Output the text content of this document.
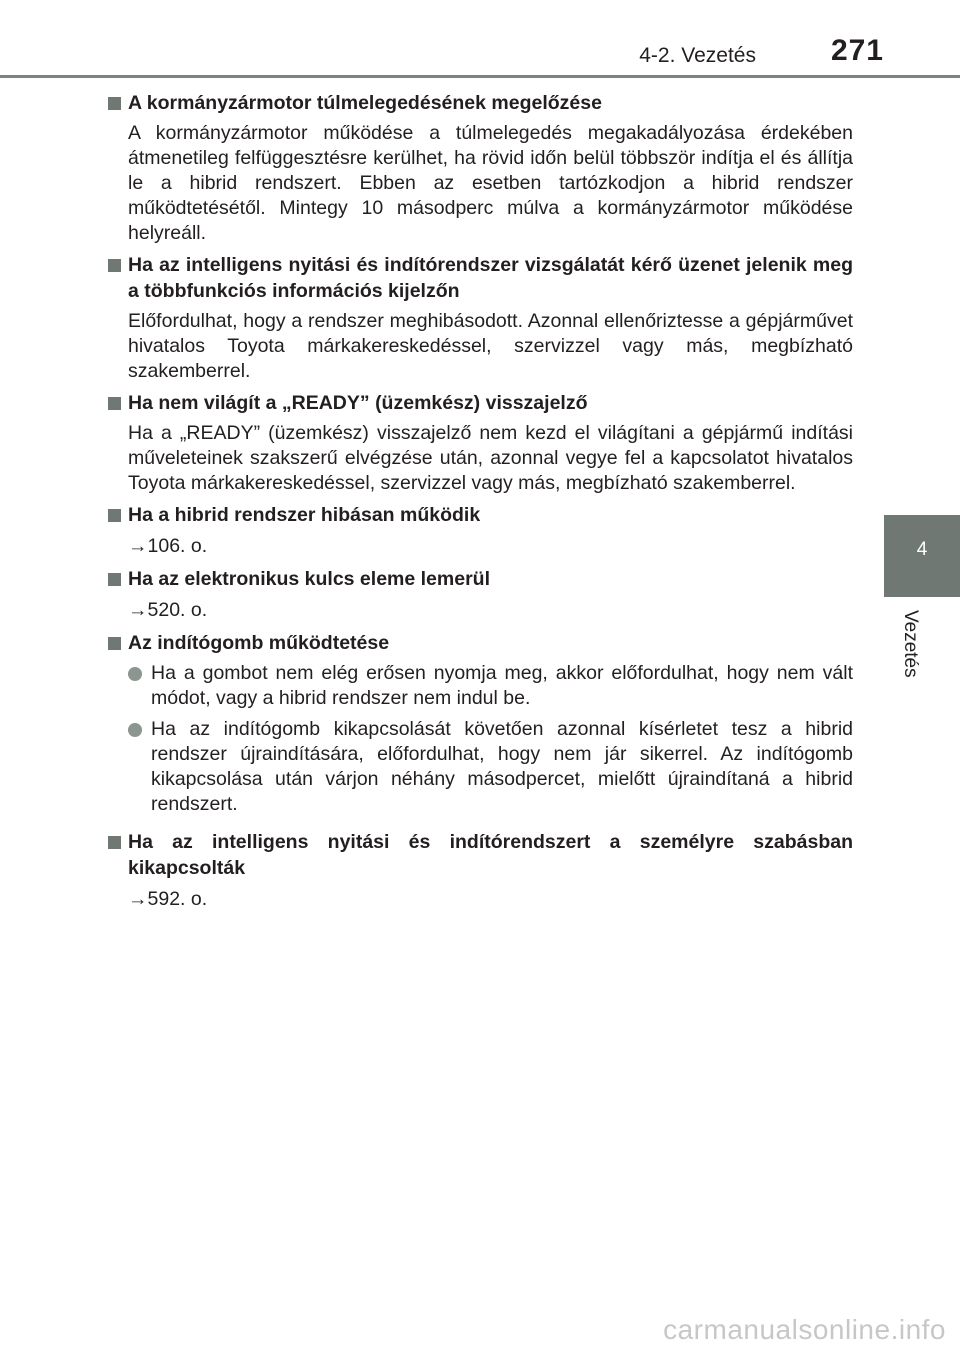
4-2. Vezetés 271
4
Vezetés

A kormányzármotor túlmelegedésének megelőzése

A kormányzármotor működése a túlmelegedés megakadályozása érdekében átmenetileg felfüggesztésre kerülhet, ha rövid időn belül többször indítja el és állítja le a hibrid rendszert. Ebben az esetben tartózkodjon a hibrid rendszer működtetésétől. Mintegy 10 másodperc múlva a kormányzármotor működése helyreáll.

Ha az intelligens nyitási és indítórendszer vizsgálatát kérő üzenet jelenik meg a többfunkciós információs kijelzőn

Előfordulhat, hogy a rendszer meghibásodott. Azonnal ellenőriztesse a gépjárművet hivatalos Toyota márkakereskedéssel, szervizzel vagy más, megbízható szakemberrel.

Ha nem világít a „READY” (üzemkész) visszajelző

Ha a „READY” (üzemkész) visszajelző nem kezd el világítani a gépjármű indítási műveleteinek szakszerű elvégzése után, azonnal vegye fel a kapcsolatot hivatalos Toyota márkakereskedéssel, szervizzel vagy más, megbízható szakemberrel.

Ha a hibrid rendszer hibásan működik

→106. o.

Ha az elektronikus kulcs eleme lemerül

→520. o.

Az indítógomb működtetése

Ha a gombot nem elég erősen nyomja meg, akkor előfordulhat, hogy nem vált módot, vagy a hibrid rendszer nem indul be.

Ha az indítógomb kikapcsolását követően azonnal kísérletet tesz a hibrid rendszer újraindítására, előfordulhat, hogy nem jár sikerrel. Az indítógomb kikapcsolása után várjon néhány másodpercet, mielőtt újraindítaná a hibrid rendszert.

Ha az intelligens nyitási és indítórendszert a személyre szabásban kikapcsolták

→592. o.

carmanualsonline.info
